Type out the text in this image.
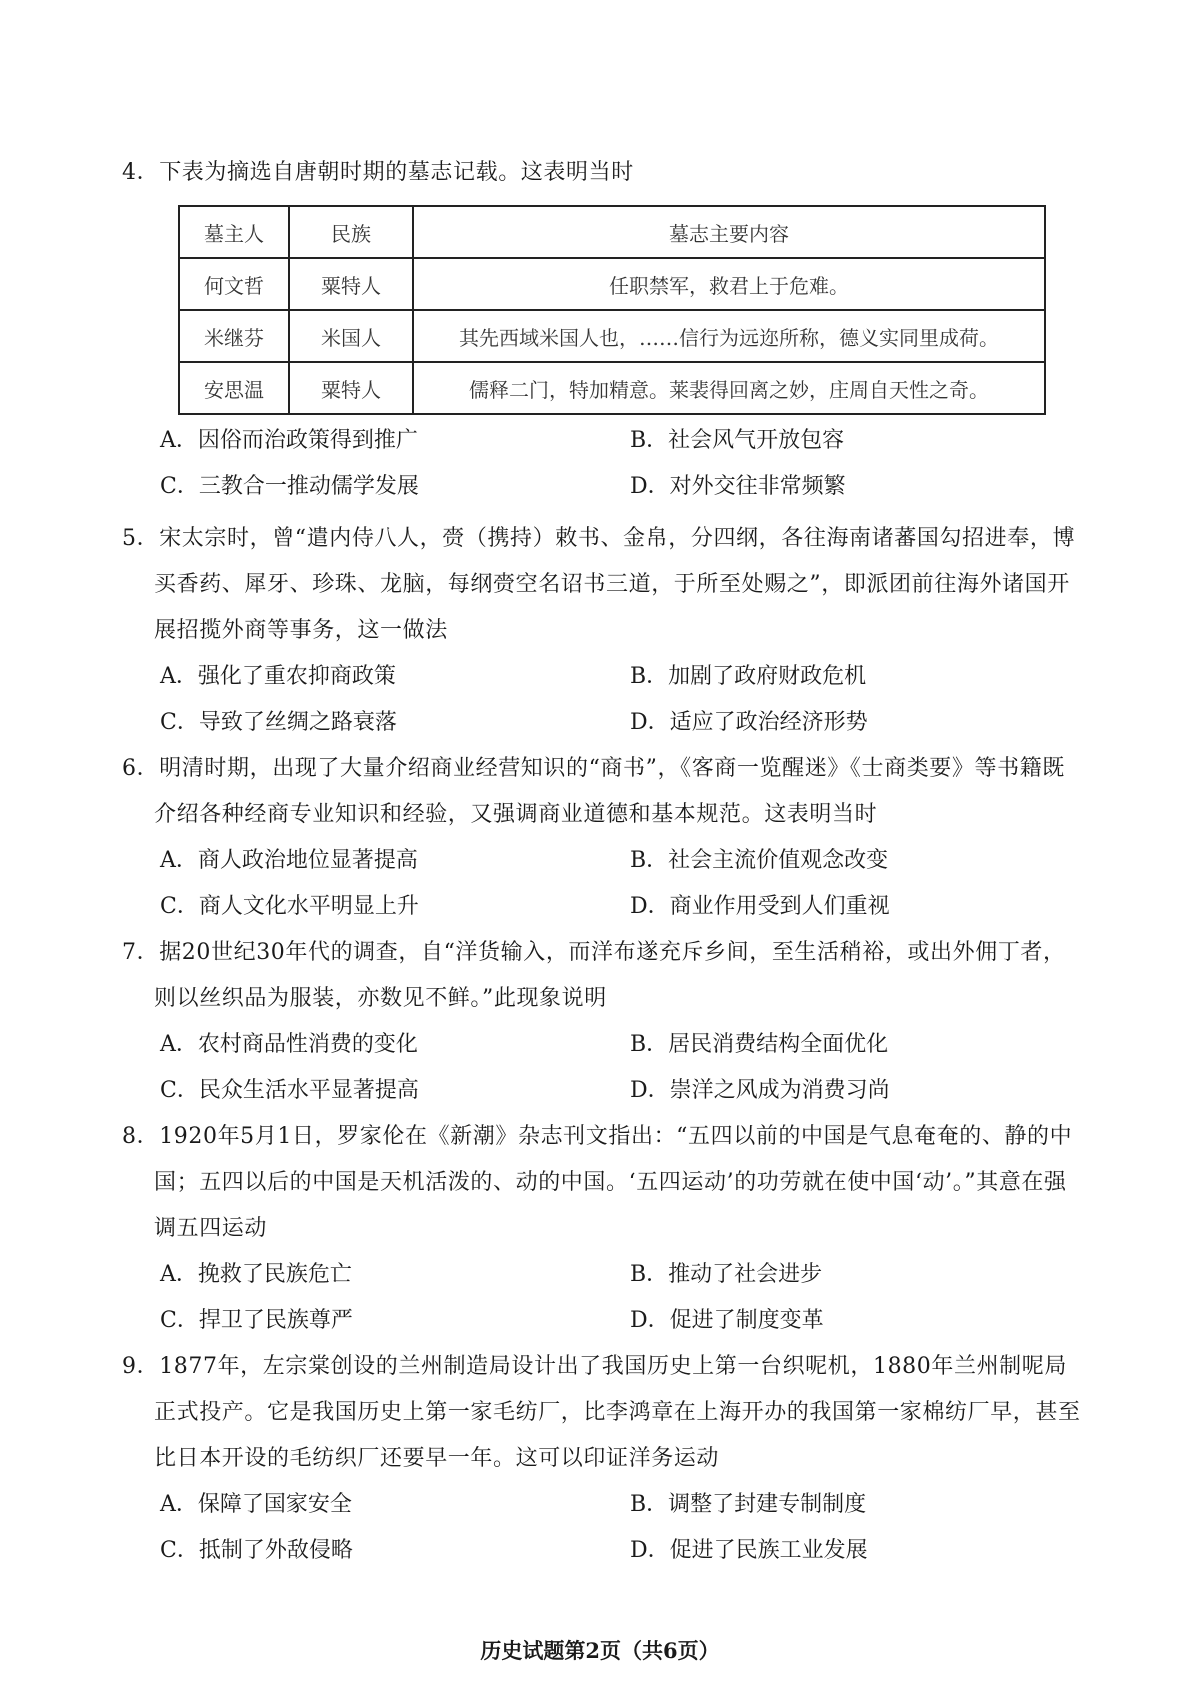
4．下表为摘选自唐朝时期的墓志记载。这表明当时
墓主人	民族	墓志主要内容
何文哲	粟特人	任职禁军，救君上于危难。
米继芬	米国人	其先西域米国人也，……信行为远迩所称，德义实同里成荷。
安思温	粟特人	儒释二门，特加精意。莱裴得回离之妙，庄周自天性之奇。
A．因俗而治政策得到推广	B．社会风气开放包容
C．三教合一推动儒学发展	D．对外交往非常频繁
5．宋太宗时，曾“遣内侍八人，赍（携持）敕书、金帛，分四纲，各往海南诸蕃国勾招进奉，博买香药、犀牙、珍珠、龙脑，每纲赍空名诏书三道，于所至处赐之”，即派团前往海外诸国开展招揽外商等事务，这一做法
A．强化了重农抑商政策	B．加剧了政府财政危机
C．导致了丝绸之路衰落	D．适应了政治经济形势
6．明清时期，出现了大量介绍商业经营知识的“商书”，《客商一览醒迷》《士商类要》等书籍既介绍各种经商专业知识和经验，又强调商业道德和基本规范。这表明当时
A．商人政治地位显著提高	B．社会主流价值观念改变
C．商人文化水平明显上升	D．商业作用受到人们重视
7．据20世纪30年代的调查，自“洋货输入，而洋布遂充斥乡间，至生活稍裕，或出外佣丁者，则以丝织品为服装，亦数见不鲜。”此现象说明
A．农村商品性消费的变化	B．居民消费结构全面优化
C．民众生活水平显著提高	D．崇洋之风成为消费习尚
8．1920年5月1日，罗家伦在《新潮》杂志刊文指出：“五四以前的中国是气息奄奄的、静的中国；五四以后的中国是天机活泼的、动的中国。‘五四运动’的功劳就在使中国‘动’。”其意在强调五四运动
A．挽救了民族危亡	B．推动了社会进步
C．捍卫了民族尊严	D．促进了制度变革
9．1877年，左宗棠创设的兰州制造局设计出了我国历史上第一台织呢机，1880年兰州制呢局正式投产。它是我国历史上第一家毛纺厂，比李鸿章在上海开办的我国第一家棉纺厂早，甚至比日本开设的毛纺织厂还要早一年。这可以印证洋务运动
A．保障了国家安全	B．调整了封建专制制度
C．抵制了外敌侵略	D．促进了民族工业发展
历史试题第2页（共6页）
